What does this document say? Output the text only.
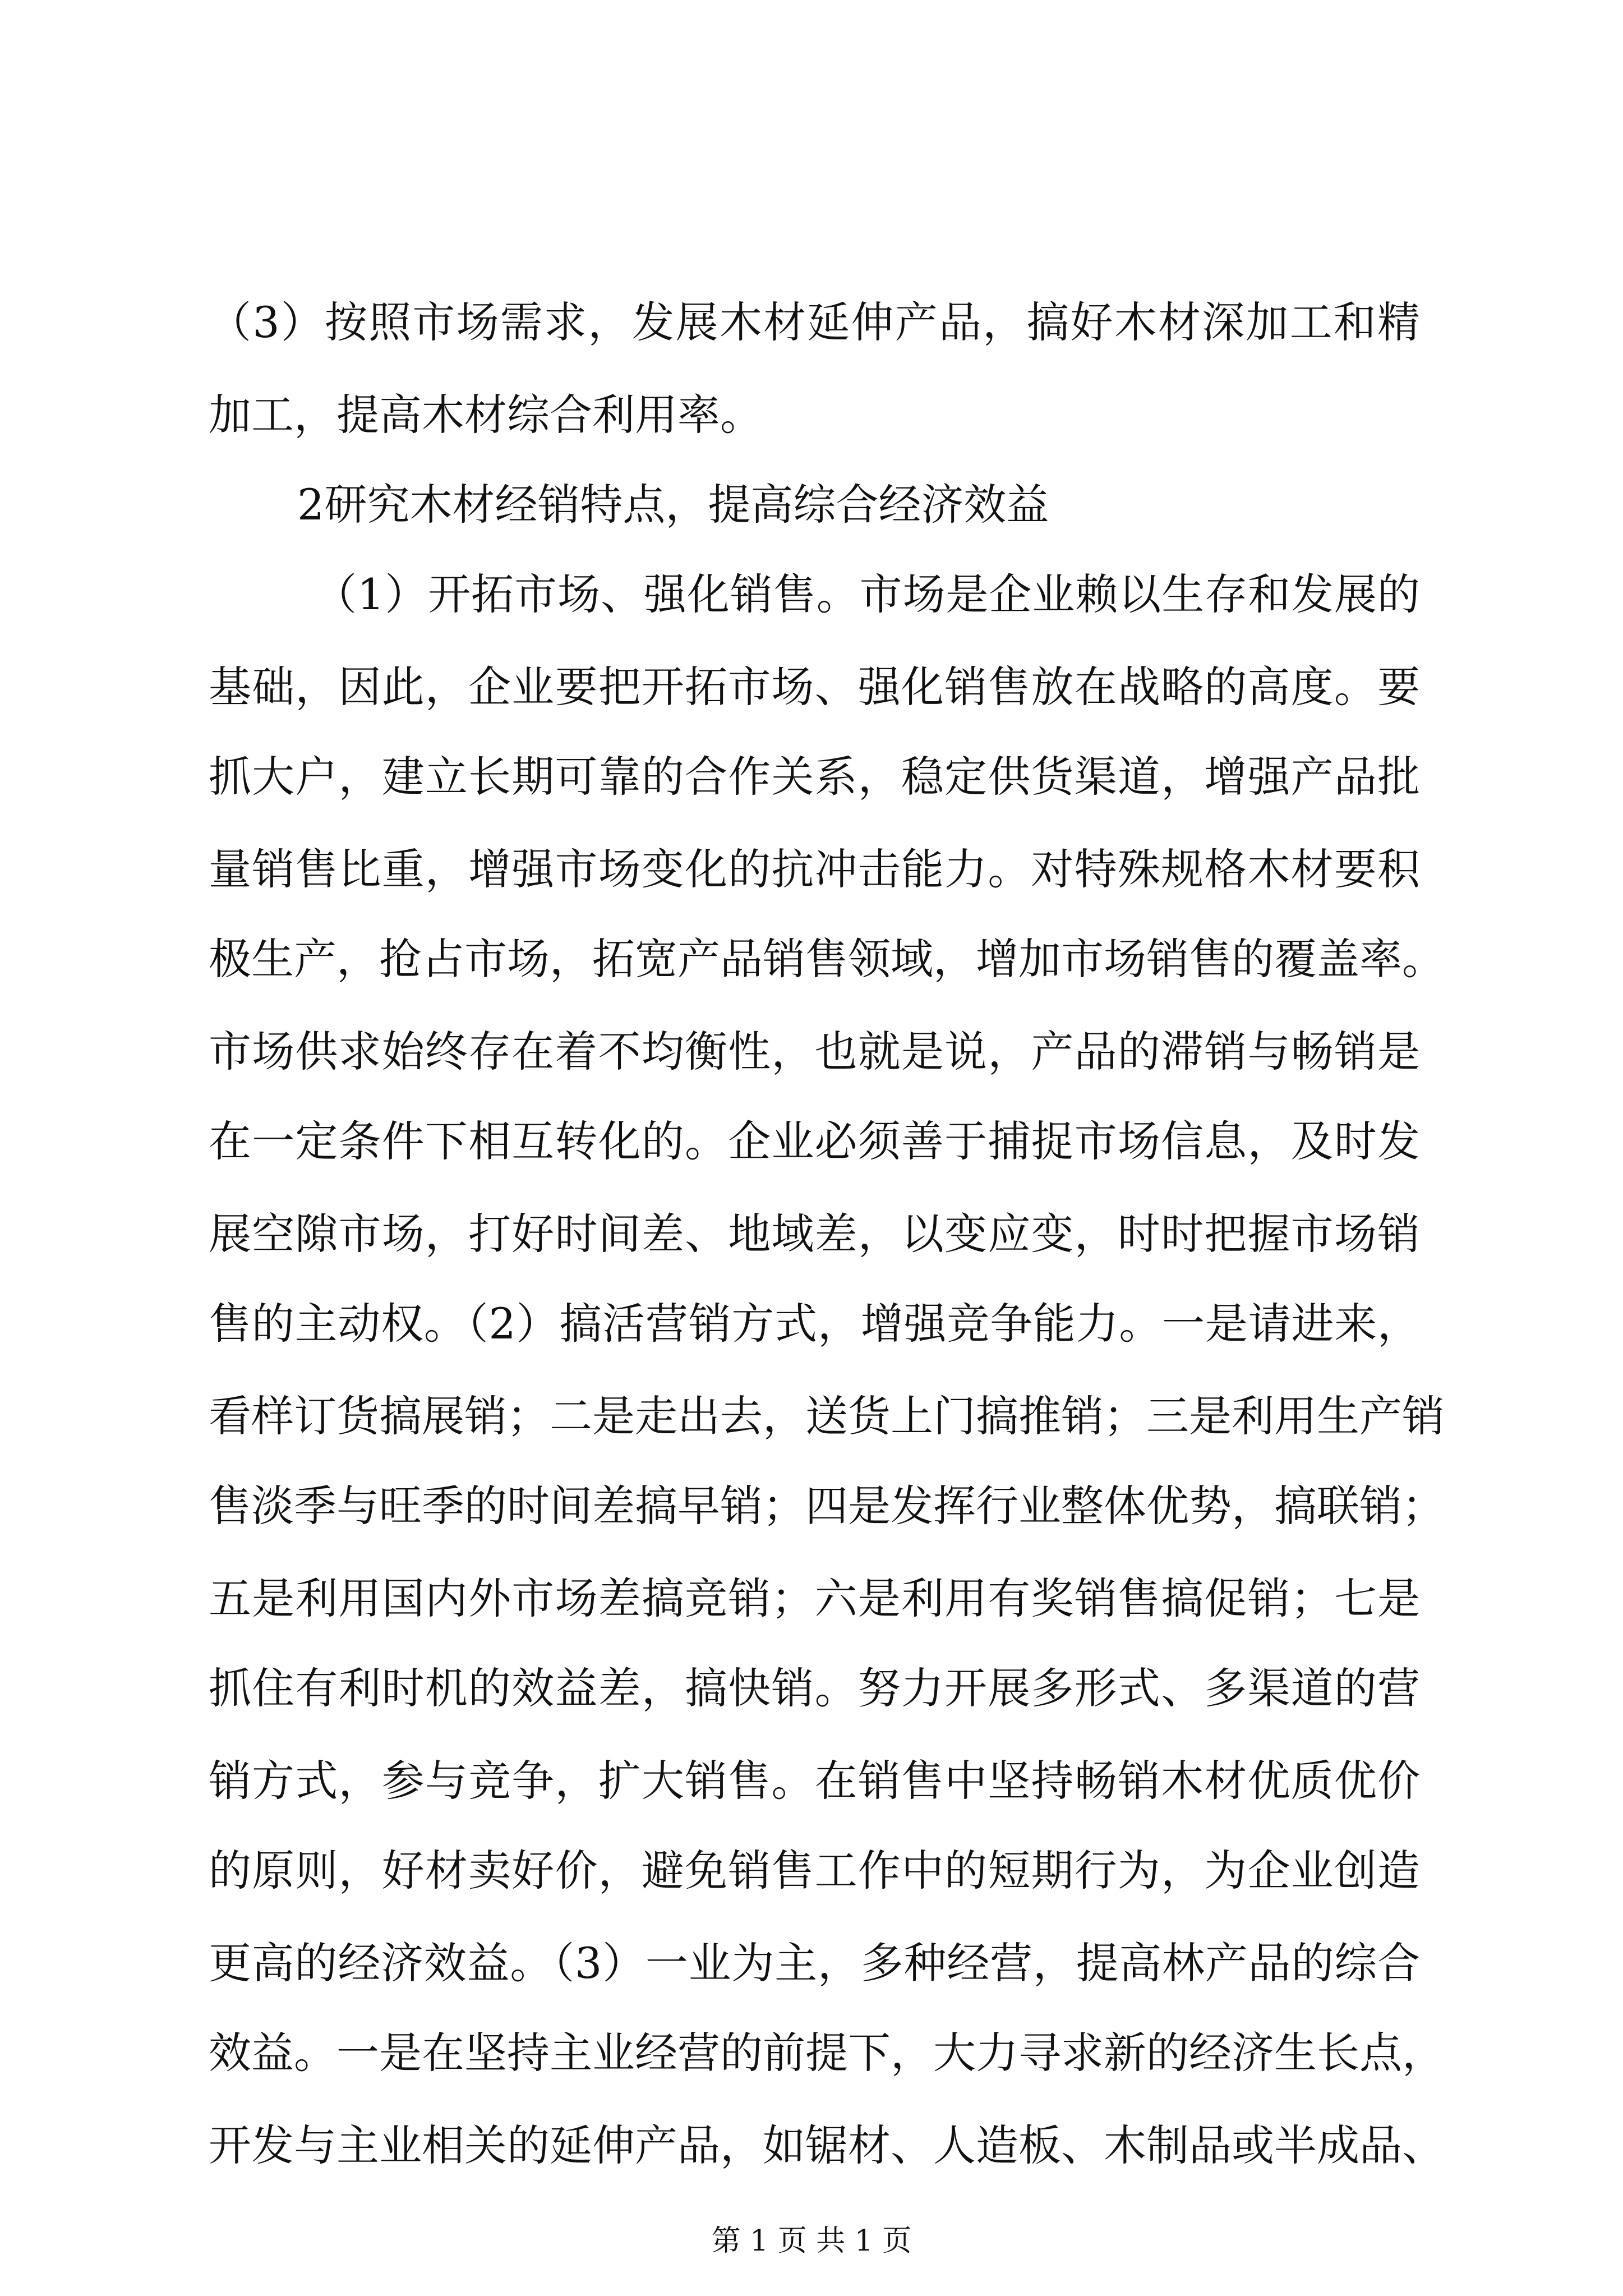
（3）按照市场需求，发展木材延伸产品，搞好木材深加工和精
加工，提高木材综合利用率。
2研究木材经销特点，提高综合经济效益
（1）开拓市场、强化销售。市场是企业赖以生存和发展的
基础，因此，企业要把开拓市场、强化销售放在战略的高度。要
抓大户，建立长期可靠的合作关系，稳定供货渠道，增强产品批
量销售比重，增强市场变化的抗冲击能力。对特殊规格木材要积
极生产，抢占市场，拓宽产品销售领域，增加市场销售的覆盖率。
市场供求始终存在着不均衡性，也就是说，产品的滞销与畅销是
在一定条件下相互转化的。企业必须善于捕捉市场信息，及时发
展空隙市场，打好时间差、地域差，以变应变，时时把握市场销
售的主动权。（2）搞活营销方式，增强竞争能力。一是请进来，
看样订货搞展销；二是走出去，送货上门搞推销；三是利用生产销
售淡季与旺季的时间差搞早销；四是发挥行业整体优势，搞联销；
五是利用国内外市场差搞竞销；六是利用有奖销售搞促销；七是
抓住有利时机的效益差，搞快销。努力开展多形式、多渠道的营
销方式，参与竞争，扩大销售。在销售中坚持畅销木材优质优价
的原则，好材卖好价，避免销售工作中的短期行为，为企业创造
更高的经济效益。（3）一业为主，多种经营，提高林产品的综合
效益。一是在坚持主业经营的前提下，大力寻求新的经济生长点，
开发与主业相关的延伸产品，如锯材、人造板、木制品或半成品、
第 1 页 共 1 页
